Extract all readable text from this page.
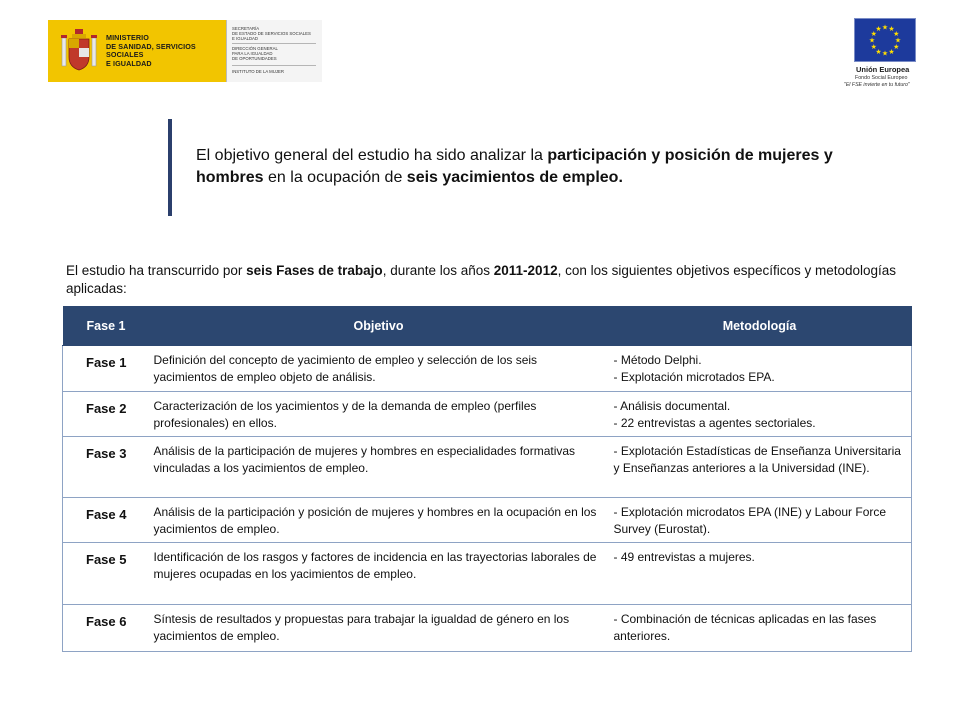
MINISTERIO
DE SANIDAD, SERVICIOS SOCIALES
E IGUALDAD
SECRETARÍA
DE ESTADO DE SERVICIOS SOCIALES
E IGUALDAD
DIRECCIÓN GENERAL
PARA LA IGUALDAD
DE OPORTUNIDADES
INSTITUTO DE LA MUJER
★
★
★
★
★
★
★
★
★ ★ ★
★
Unión Europea
Fondo Social Europeo
"El FSE invierte en tu futuro"
El objetivo general del estudio ha sido analizar la participación y posición de mujeres y hombres en la ocupación de seis yacimientos de empleo.
El estudio ha transcurrido por seis Fases de trabajo, durante los años 2011-2012, con los siguientes objetivos específicos y metodologías aplicadas:
Fase 1	Objetivo	Metodología
Fase 1	Definición del concepto de yacimiento de empleo y selección de los seis yacimientos de empleo objeto de análisis.	- Método Delphi.
- Explotación microtados EPA.

Fase 2	Caracterización de los yacimientos y de la demanda de empleo (perfiles profesionales) en ellos.	- Análisis documental.
- 22 entrevistas a agentes sectoriales.

Fase 3	Análisis de la participación de mujeres y hombres en especialidades formativas vinculadas a los yacimientos de empleo.	- Explotación Estadísticas de Enseñanza Universitaria y Enseñanzas anteriores a la Universidad (INE).

Fase 4	Análisis de la participación y posición de mujeres y hombres en la ocupación en los yacimientos de empleo.	- Explotación microdatos EPA (INE) y Labour Force Survey (Eurostat).

Fase 5	Identificación de los rasgos y factores de incidencia en las trayectorias laborales de mujeres ocupadas en los yacimientos de empleo.	- 49 entrevistas a mujeres.

Fase 6	Síntesis de resultados y propuestas para trabajar la igualdad de género en los yacimientos de empleo.	- Combinación de técnicas aplicadas en las fases anteriores.
